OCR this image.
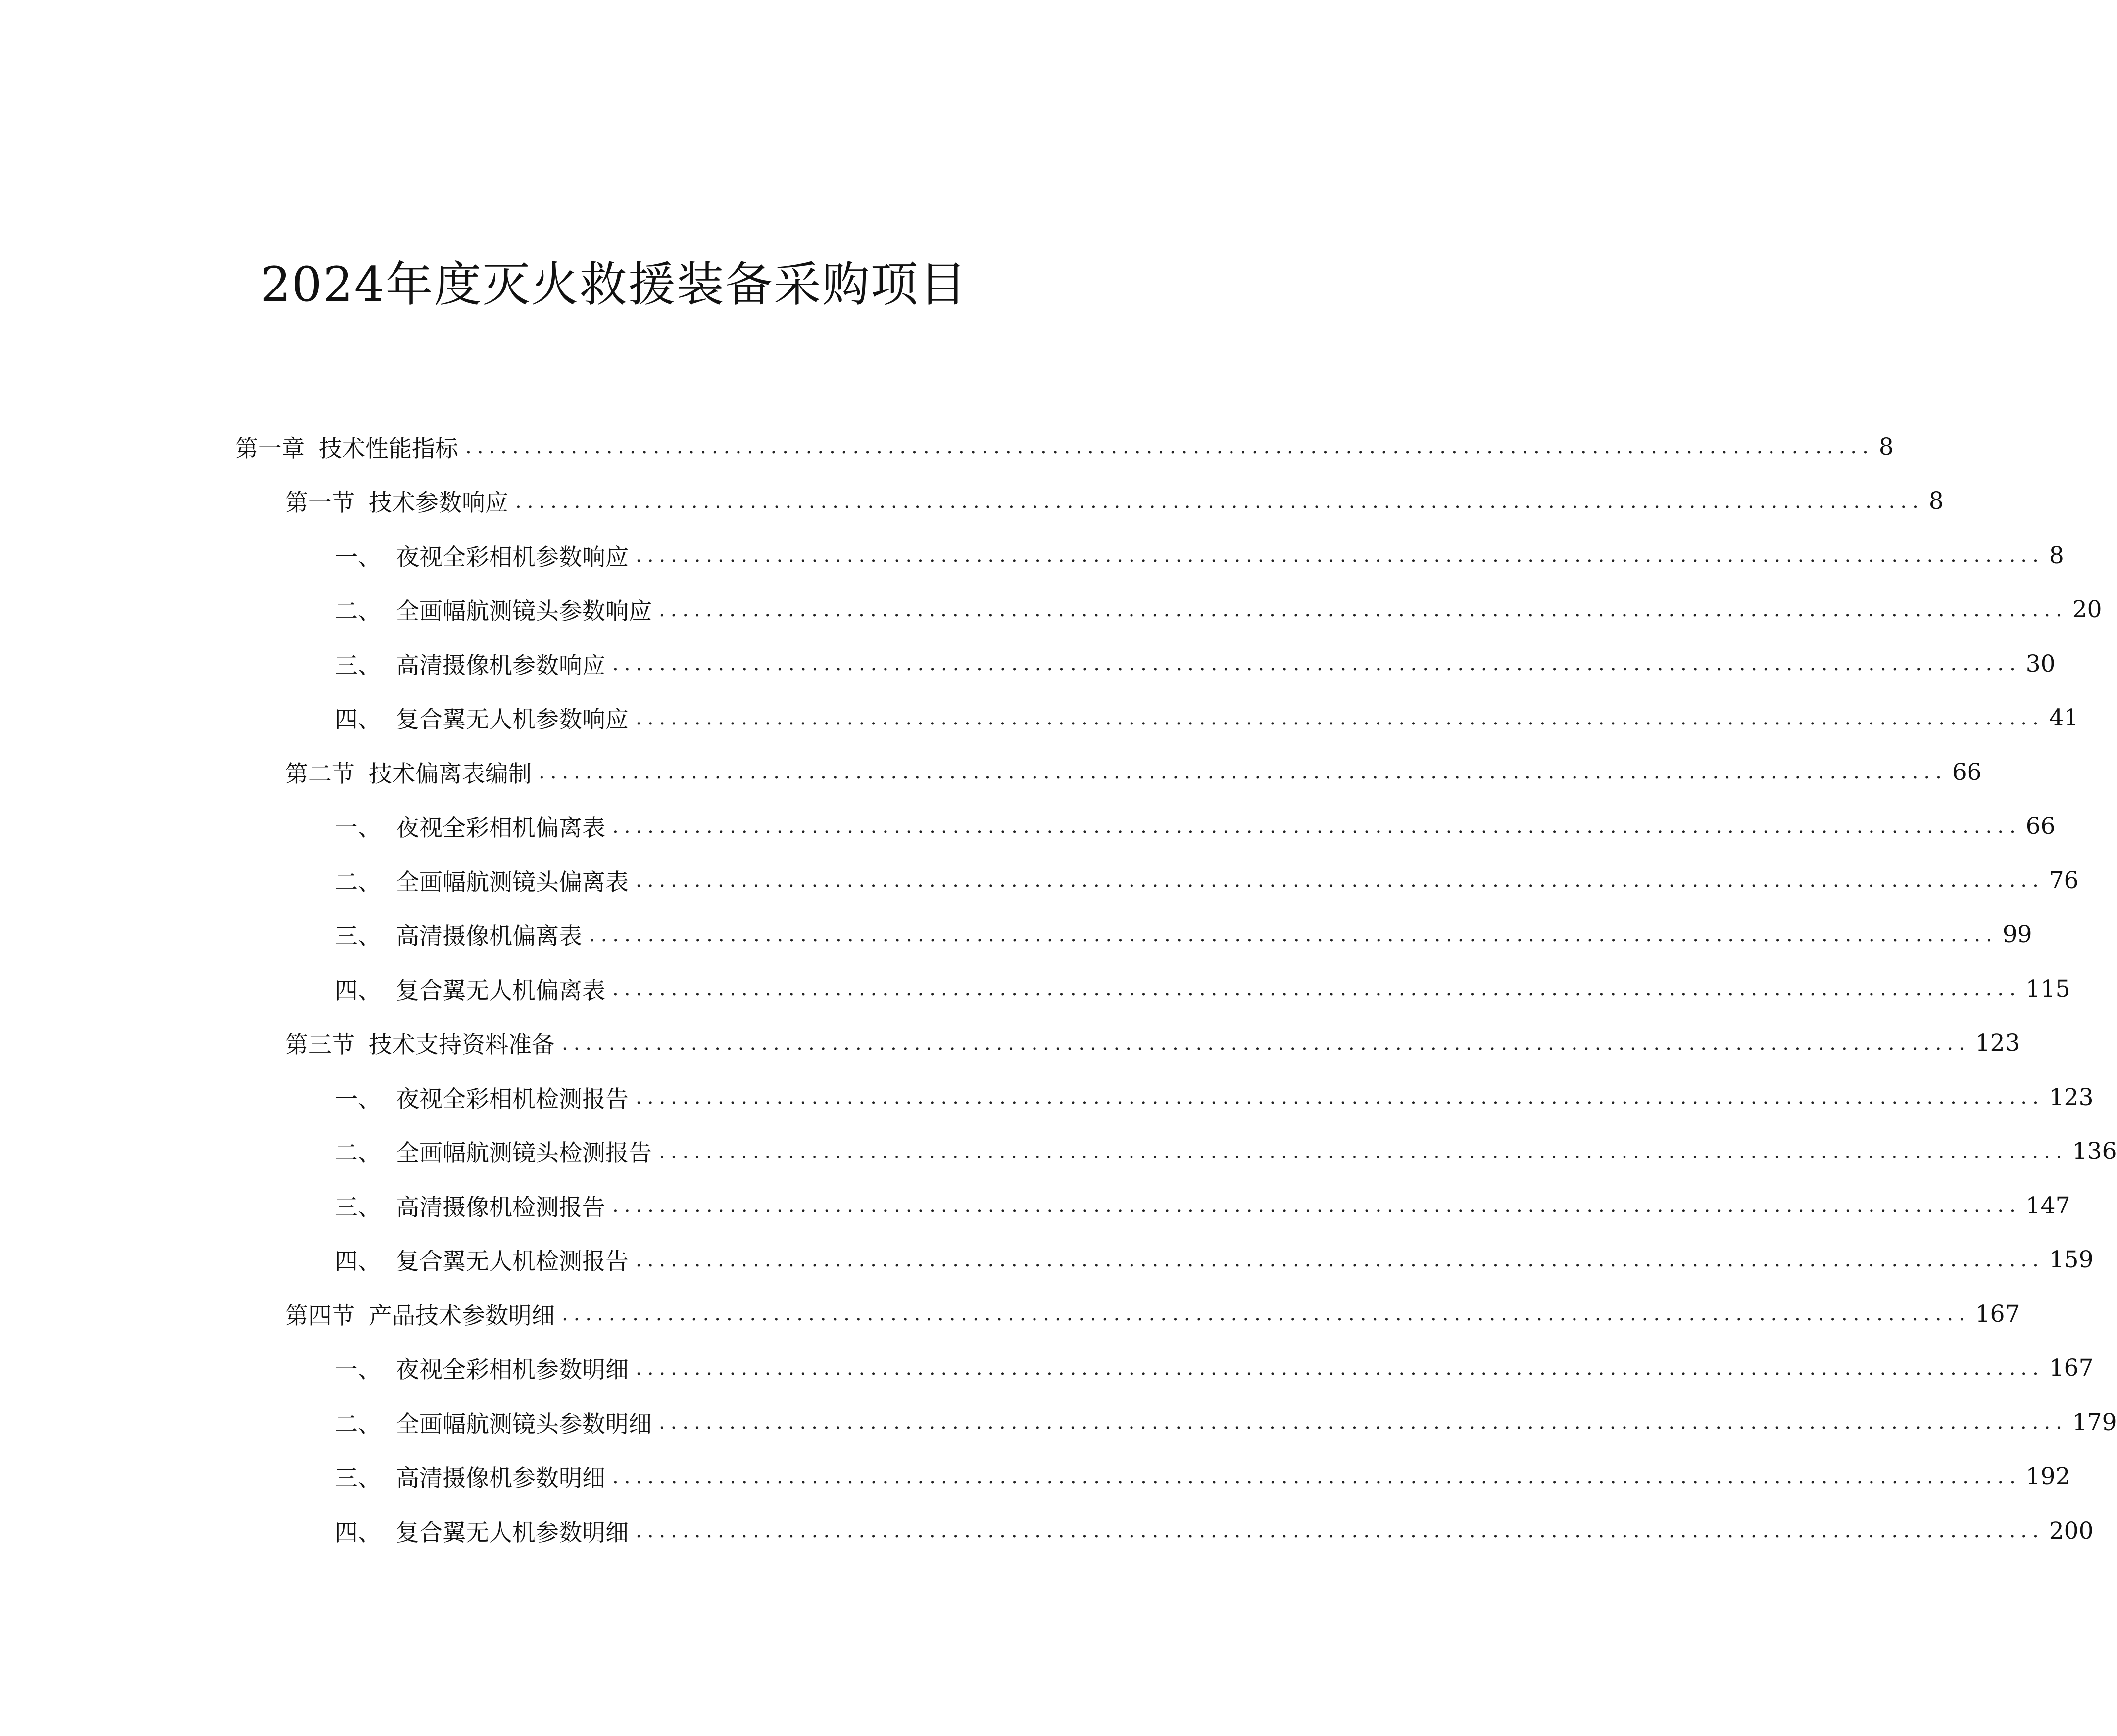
2024年度灭火救援装备采购项目
第一章 技术性能指标 ........................................................................................................................ 8
第一节 技术参数响应 ........................................................................................................................ 8
一、 夜视全彩相机参数响应 ........................................................................................................................ 8
二、 全画幅航测镜头参数响应 ........................................................................................................................ 20
三、 高清摄像机参数响应 ........................................................................................................................ 30
四、 复合翼无人机参数响应 ........................................................................................................................ 41
第二节 技术偏离表编制 ........................................................................................................................ 66
一、 夜视全彩相机偏离表 ........................................................................................................................ 66
二、 全画幅航测镜头偏离表 ........................................................................................................................ 76
三、 高清摄像机偏离表 ........................................................................................................................ 99
四、 复合翼无人机偏离表 ........................................................................................................................ 115
第三节 技术支持资料准备 ........................................................................................................................ 123
一、 夜视全彩相机检测报告 ........................................................................................................................ 123
二、 全画幅航测镜头检测报告 ........................................................................................................................ 136
三、 高清摄像机检测报告 ........................................................................................................................ 147
四、 复合翼无人机检测报告 ........................................................................................................................ 159
第四节 产品技术参数明细 ........................................................................................................................ 167
一、 夜视全彩相机参数明细 ........................................................................................................................ 167
二、 全画幅航测镜头参数明细 ........................................................................................................................ 179
三、 高清摄像机参数明细 ........................................................................................................................ 192
四、 复合翼无人机参数明细 ........................................................................................................................ 200
